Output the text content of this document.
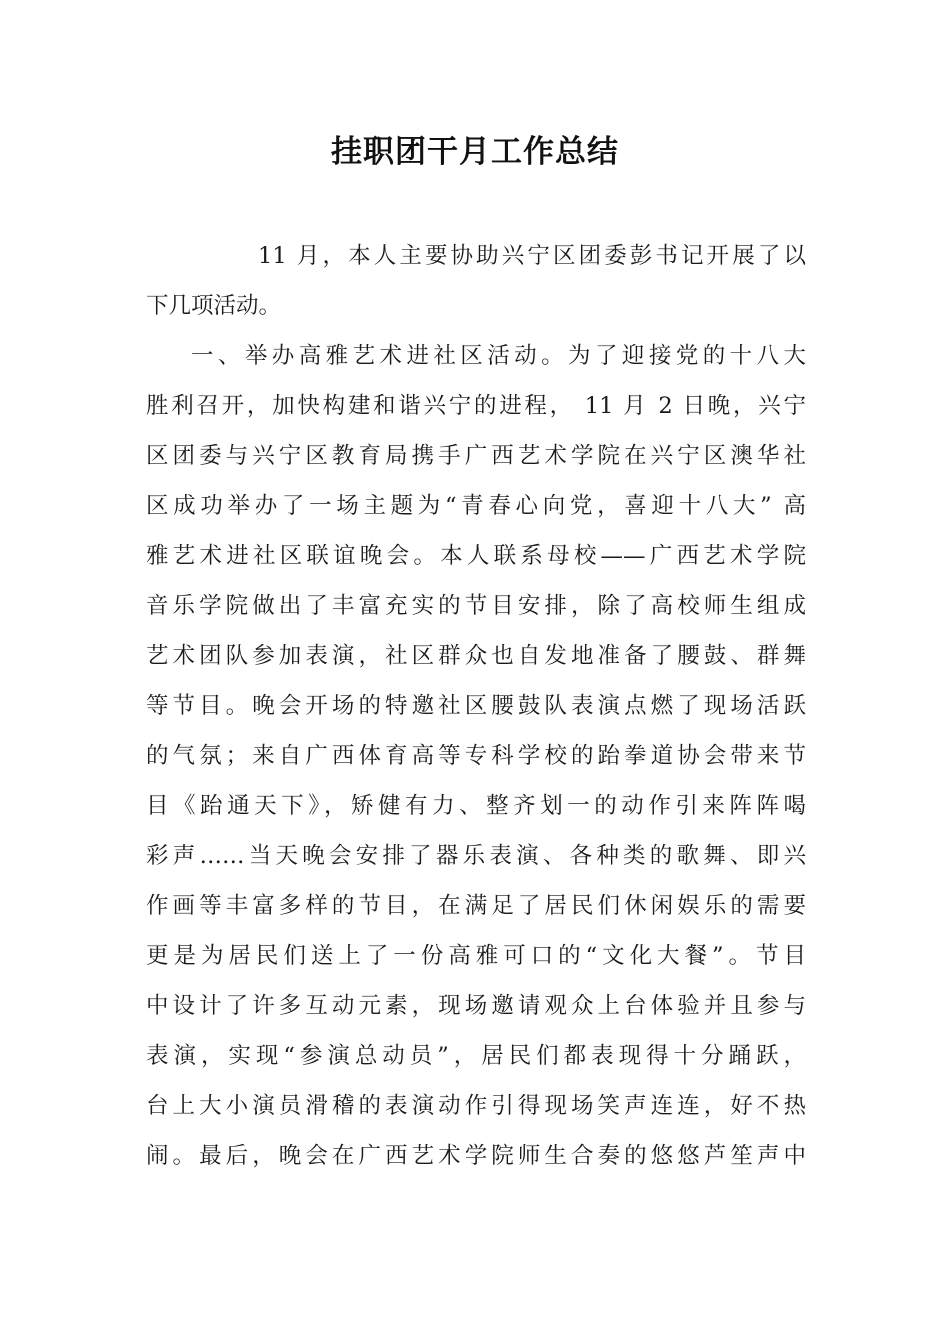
挂职团干月工作总结
11 月，本人主要协助兴宁区团委彭书记开展了以
下几项活动。
一、举办高雅艺术进社区活动。为了迎接党的十八大
胜利召开，加快构建和谐兴宁的进程， 11 月 2 日晚，兴宁
区团委与兴宁区教育局携手广西艺术学院在兴宁区澳华社
区成功举办了一场主题为“青春心向党，喜迎十八大” 高
雅艺术进社区联谊晚会。本人联系母校——广西艺术学院
音乐学院做出了丰富充实的节目安排，除了高校师生组成
艺术团队参加表演，社区群众也自发地准备了腰鼓、群舞
等节目。晚会开场的特邀社区腰鼓队表演点燃了现场活跃
的气氛；来自广西体育高等专科学校的跆拳道协会带来节
目《跆通天下》，矫健有力、整齐划一的动作引来阵阵喝
彩声……当天晚会安排了器乐表演、各种类的歌舞、即兴
作画等丰富多样的节目，在满足了居民们休闲娱乐的需要
更是为居民们送上了一份高雅可口的“文化大餐”。节目
中设计了许多互动元素，现场邀请观众上台体验并且参与
表演，实现“参演总动员”，居民们都表现得十分踊跃，
台上大小演员滑稽的表演动作引得现场笑声连连，好不热
闹。最后，晚会在广西艺术学院师生合奏的悠悠芦笙声中
